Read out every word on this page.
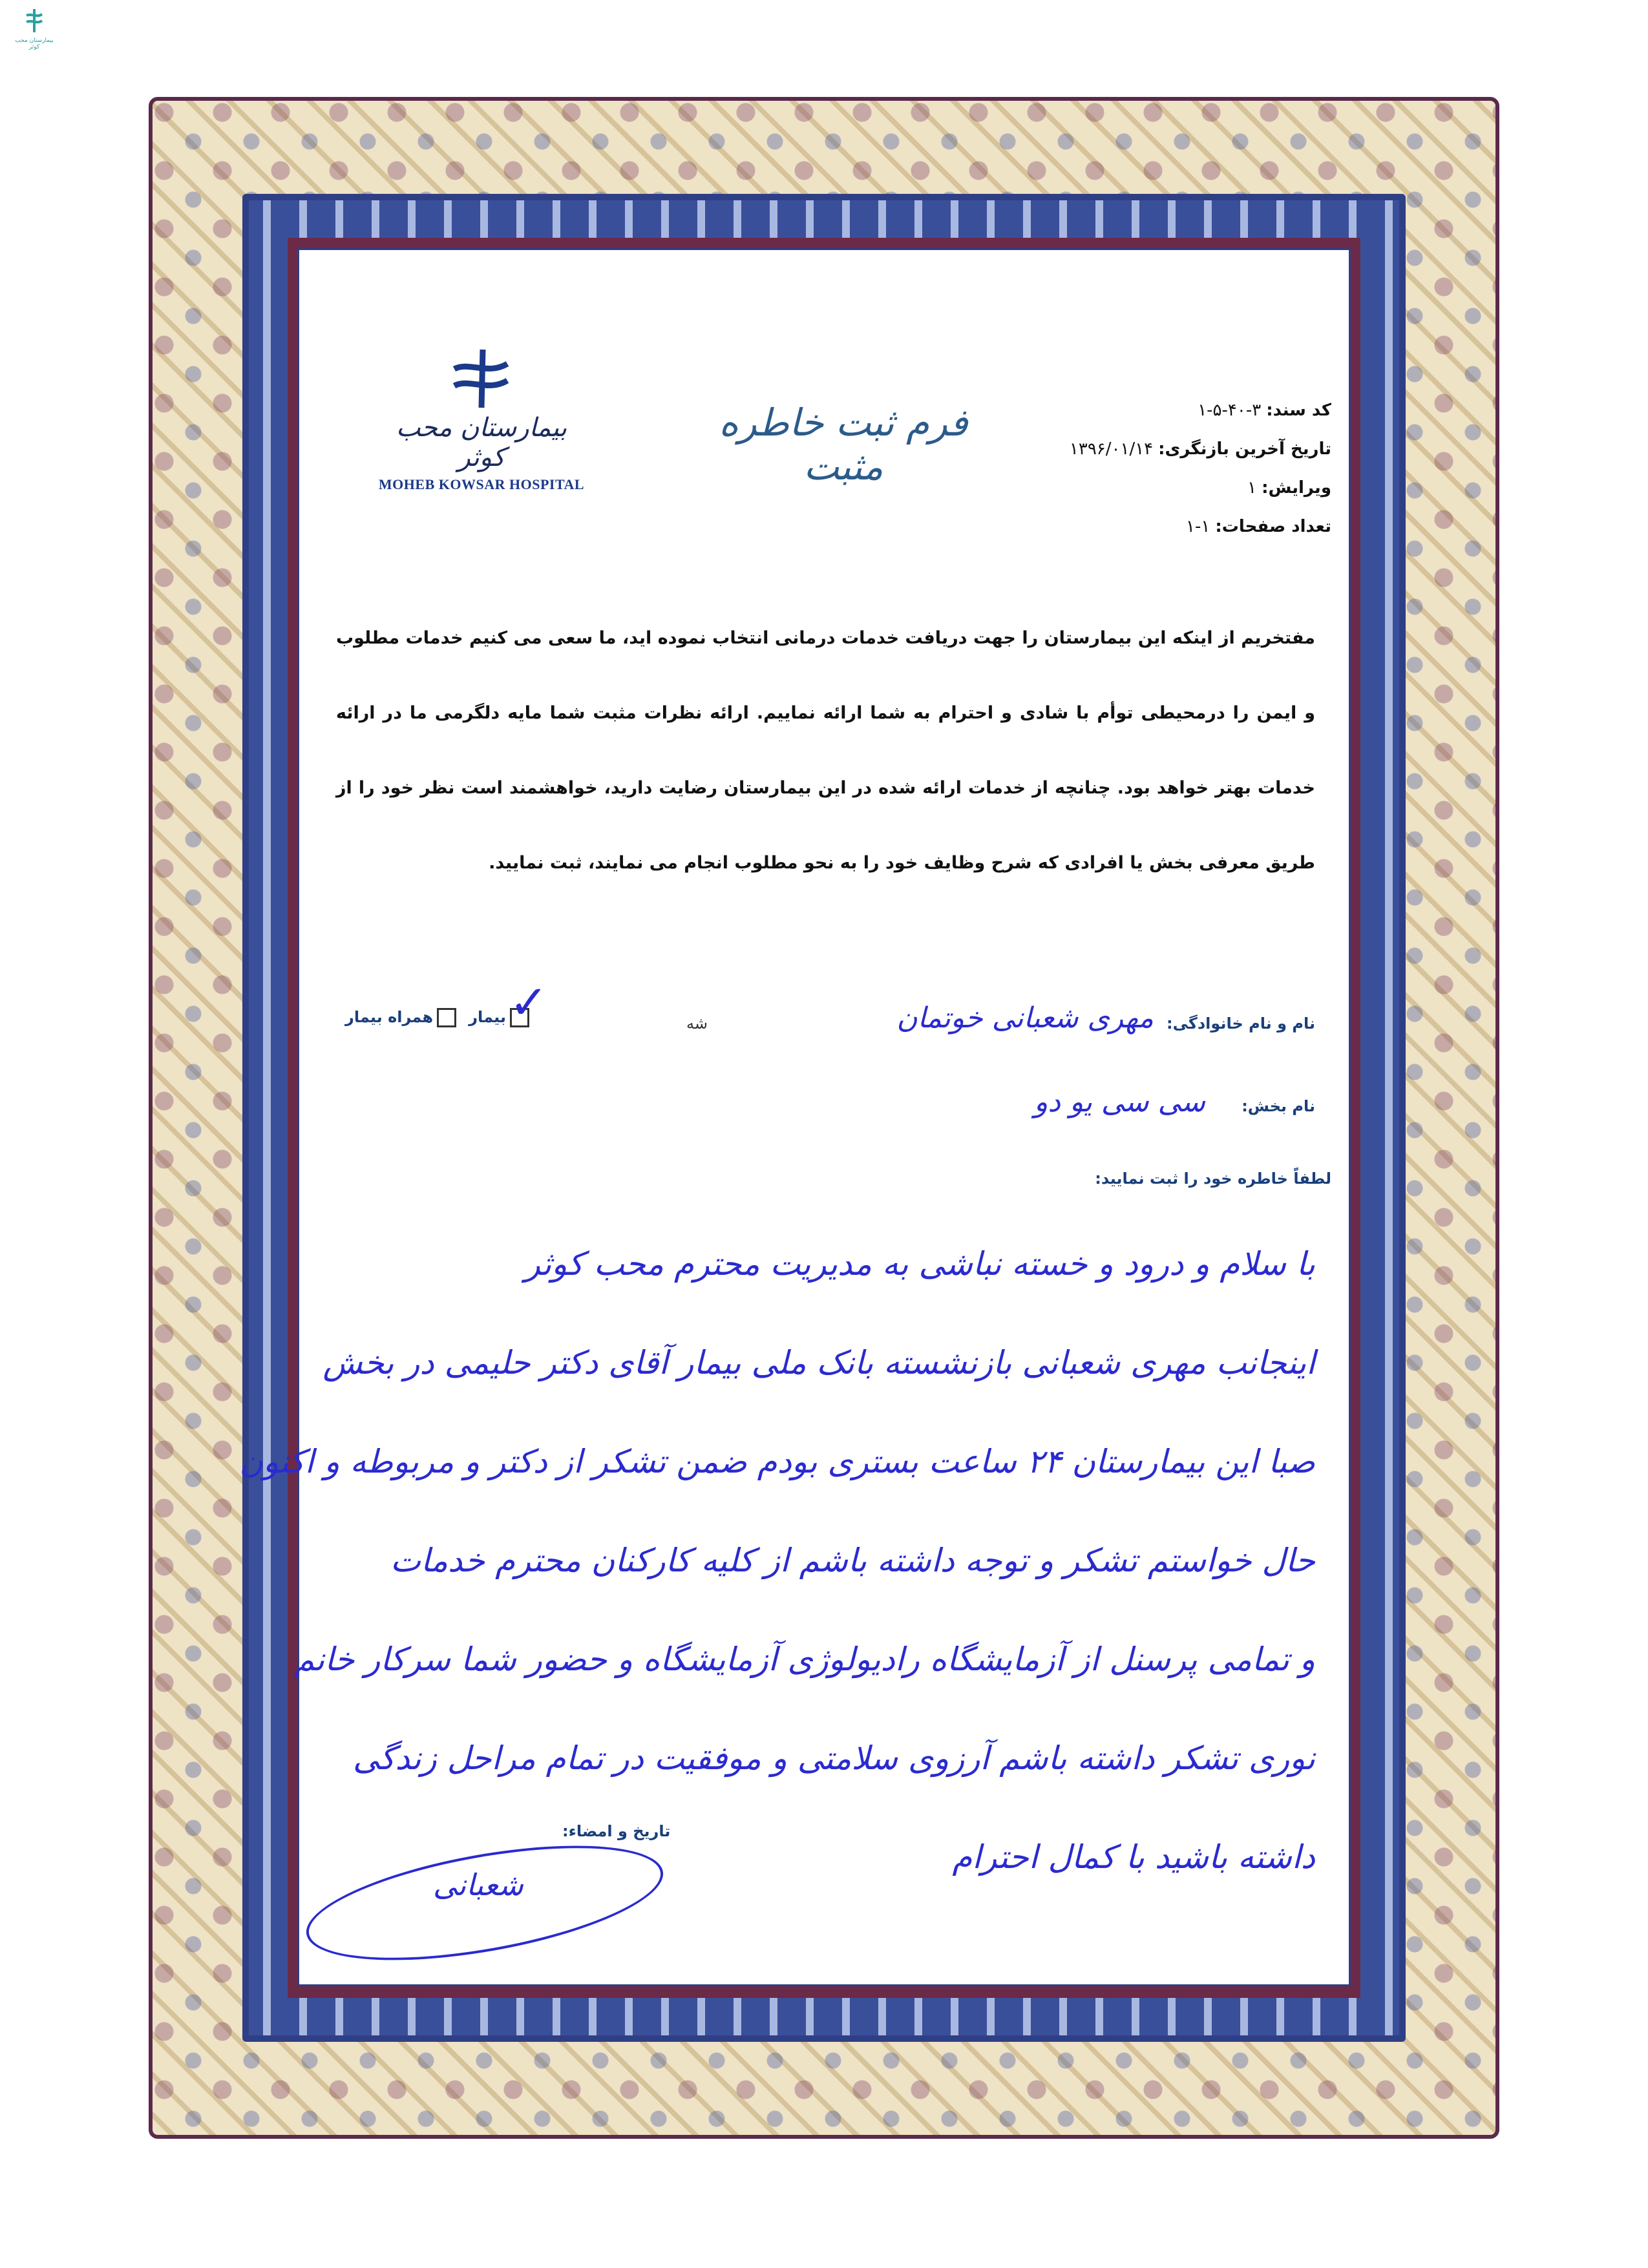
بیمارستان محب کوثر
بیمارستان محب کوثر
MOHEB KOWSAR HOSPITAL
فرم ثبت خاطره مثبت
کد سند:۳-۴۰-۵-۱
تاریخ آخرین بازنگری:۱۳۹۶/۰۱/۱۴
ویرایش:۱
تعداد صفحات:۱-۱
مفتخریم از اینکه این بیمارستان را جهت دریافت خدمات درمانی انتخاب نموده اید، ما سعی می کنیم خدمات مطلوب و ایمن را درمحیطی توأم با شادی و احترام به شما ارائه نماییم. ارائه نظرات مثبت شما مایه دلگرمی ما در ارائه خدمات بهتر خواهد بود. چنانچه از خدمات ارائه شده در این بیمارستان رضایت دارید، خواهشمند است نظر خود را از طریق معرفی بخش یا افرادی که شرح وظایف خود را به نحو مطلوب انجام می نمایند، ثبت نمایید.
نام و نام خانوادگی:
مهری شعبانی خوتمان
شه
✓بیمار همراه بیمار
نام بخش:
سی سی یو دو
لطفاً خاطره خود را ثبت نمایید:
با سلام و درود و خسته نباشی به مدیریت محترم محب کوثر
اینجانب مهری شعبانی بازنشسته بانک ملی بیمار آقای دکتر حلیمی در بخش
صبا این بیمارستان ۲۴ ساعت بستری بودم ضمن تشکر از دکتر و مربوطه و اکنون
حال خواستم تشکر و توجه داشته باشم از کلیه کارکنان محترم خدمات
و تمامی پرسنل از آزمایشگاه رادیولوژی آزمایشگاه و حضور شما سرکار خانم
نوری تشکر داشته باشم آرزوی سلامتی و موفقیت در تمام مراحل زندگی
داشته باشید با کمال احترام
تاریخ و امضاء:
شعبانی
